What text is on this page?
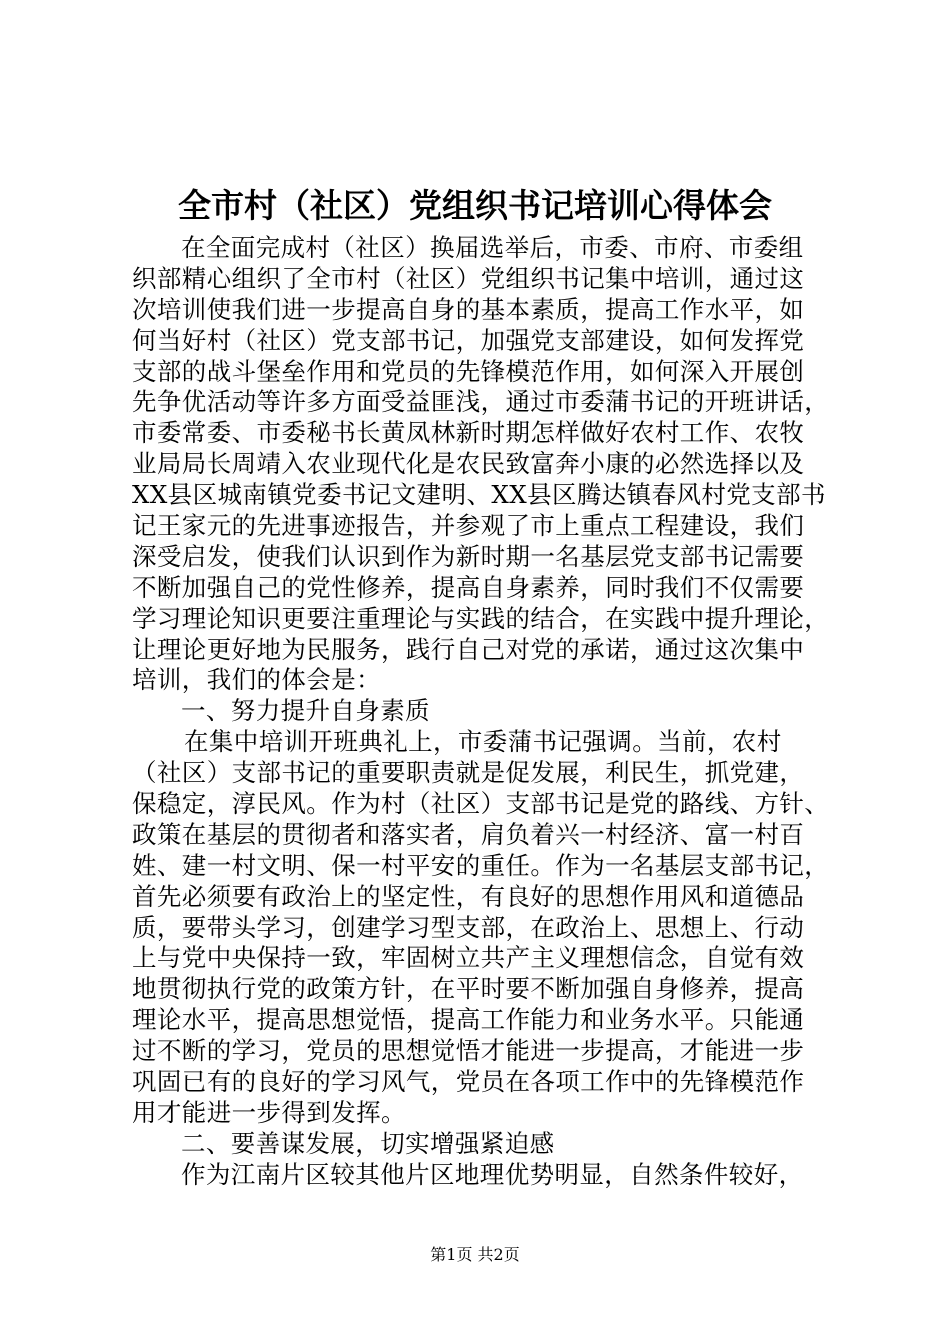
全市村（社区）党组织书记培训心得体会
在全面完成村（社区）换届选举后，市委、市府、市委组
织部精心组织了全市村（社区）党组织书记集中培训，通过这
次培训使我们进一步提高自身的基本素质，提高工作水平，如
何当好村（社区）党支部书记，加强党支部建设，如何发挥党
支部的战斗堡垒作用和党员的先锋模范作用，如何深入开展创
先争优活动等许多方面受益匪浅，通过市委蒲书记的开班讲话，
市委常委、市委秘书长黄凤林新时期怎样做好农村工作、农牧
业局局长周靖入农业现代化是农民致富奔小康的必然选择以及
XX县区城南镇党委书记文建明、XX县区腾达镇春风村党支部书
记王家元的先进事迹报告，并参观了市上重点工程建设，我们
深受启发，使我们认识到作为新时期一名基层党支部书记需要
不断加强自己的党性修养，提高自身素养，同时我们不仅需要
学习理论知识更要注重理论与实践的结合，在实践中提升理论，
让理论更好地为民服务，践行自己对党的承诺，通过这次集中
培训，我们的体会是：
一、努力提升自身素质
在集中培训开班典礼上，市委蒲书记强调。当前，农村
（社区）支部书记的重要职责就是促发展，利民生，抓党建，
保稳定，淳民风。作为村（社区）支部书记是党的路线、方针、
政策在基层的贯彻者和落实者，肩负着兴一村经济、富一村百
姓、建一村文明、保一村平安的重任。作为一名基层支部书记，
首先必须要有政治上的坚定性，有良好的思想作用风和道德品
质，要带头学习，创建学习型支部，在政治上、思想上、行动
上与党中央保持一致，牢固树立共产主义理想信念，自觉有效
地贯彻执行党的政策方针，在平时要不断加强自身修养，提高
理论水平，提高思想觉悟，提高工作能力和业务水平。只能通
过不断的学习，党员的思想觉悟才能进一步提高，才能进一步
巩固已有的良好的学习风气，党员在各项工作中的先锋模范作
用才能进一步得到发挥。
二、要善谋发展，切实增强紧迫感
作为江南片区较其他片区地理优势明显，自然条件较好，
第1页 共2页
